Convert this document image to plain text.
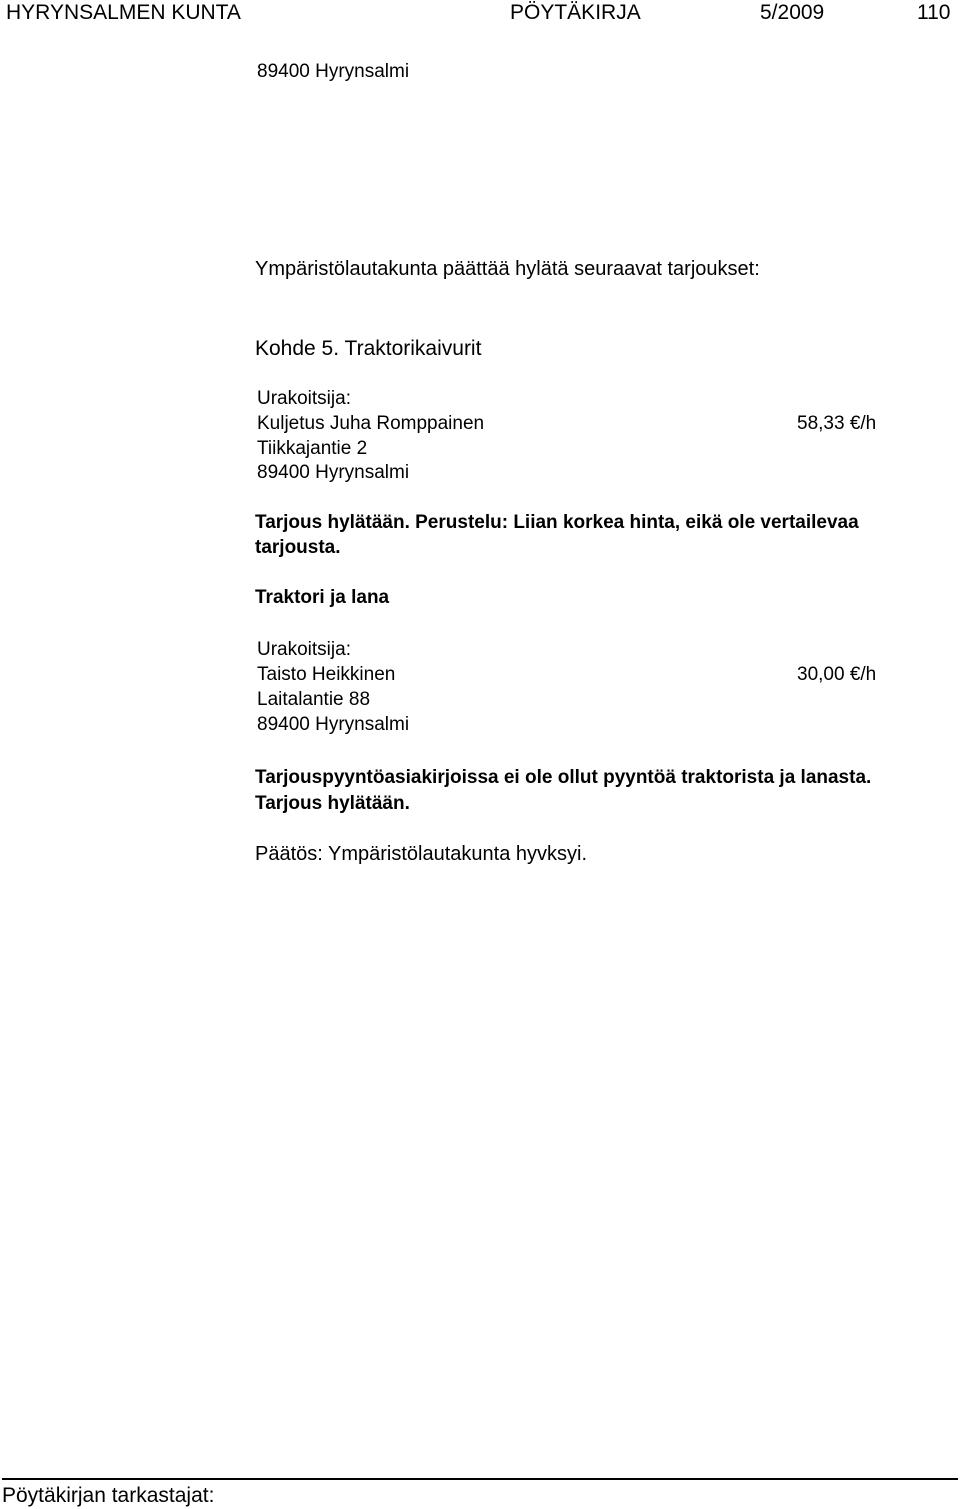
HYRYNSALMEN KUNTA	PÖYTÄKIRJA	5/2009	110
89400 Hyrynsalmi
Ympäristölautakunta päättää hylätä seuraavat tarjoukset:
Kohde 5. Traktorikaivurit
Urakoitsija:
Kuljetus Juha Romppainen	58,33 €/h
Tiikkajantie 2
89400 Hyrynsalmi
Tarjous hylätään. Perustelu: Liian korkea hinta, eikä ole vertailevaa
tarjousta.
Traktori ja lana
Urakoitsija:
Taisto Heikkinen	30,00 €/h
Laitalantie 88
89400 Hyrynsalmi
Tarjouspyyntöasiakirjoissa ei ole ollut pyyntöä traktorista ja lanasta.
Tarjous hylätään.
Päätös: Ympäristölautakunta hyvksyi.
Pöytäkirjan tarkastajat:
